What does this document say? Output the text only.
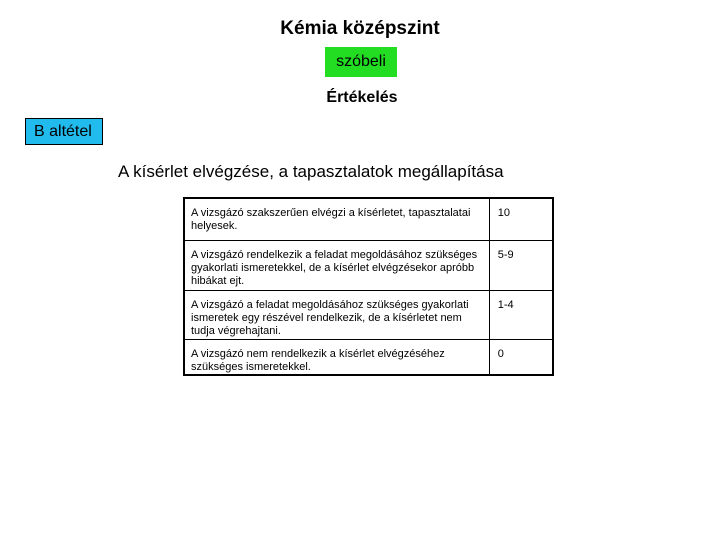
Kémia középszint
szóbeli
Értékelés
B altétel
A kísérlet elvégzése, a tapasztalatok megállapítása
A vizsgázó szakszerűen elvégzi a kísérletet, tapasztalatai helyesek.	10
A vizsgázó rendelkezik a feladat megoldásához szükséges gyakorlati ismeretekkel, de a kísérlet elvégzésekor apróbb hibákat ejt.	5-9
A vizsgázó a feladat megoldásához szükséges gyakorlati ismeretek egy részével rendelkezik, de a kísérletet nem tudja végrehajtani.	1-4
A vizsgázó nem rendelkezik a kísérlet elvégzéséhez szükséges ismeretekkel.	0
